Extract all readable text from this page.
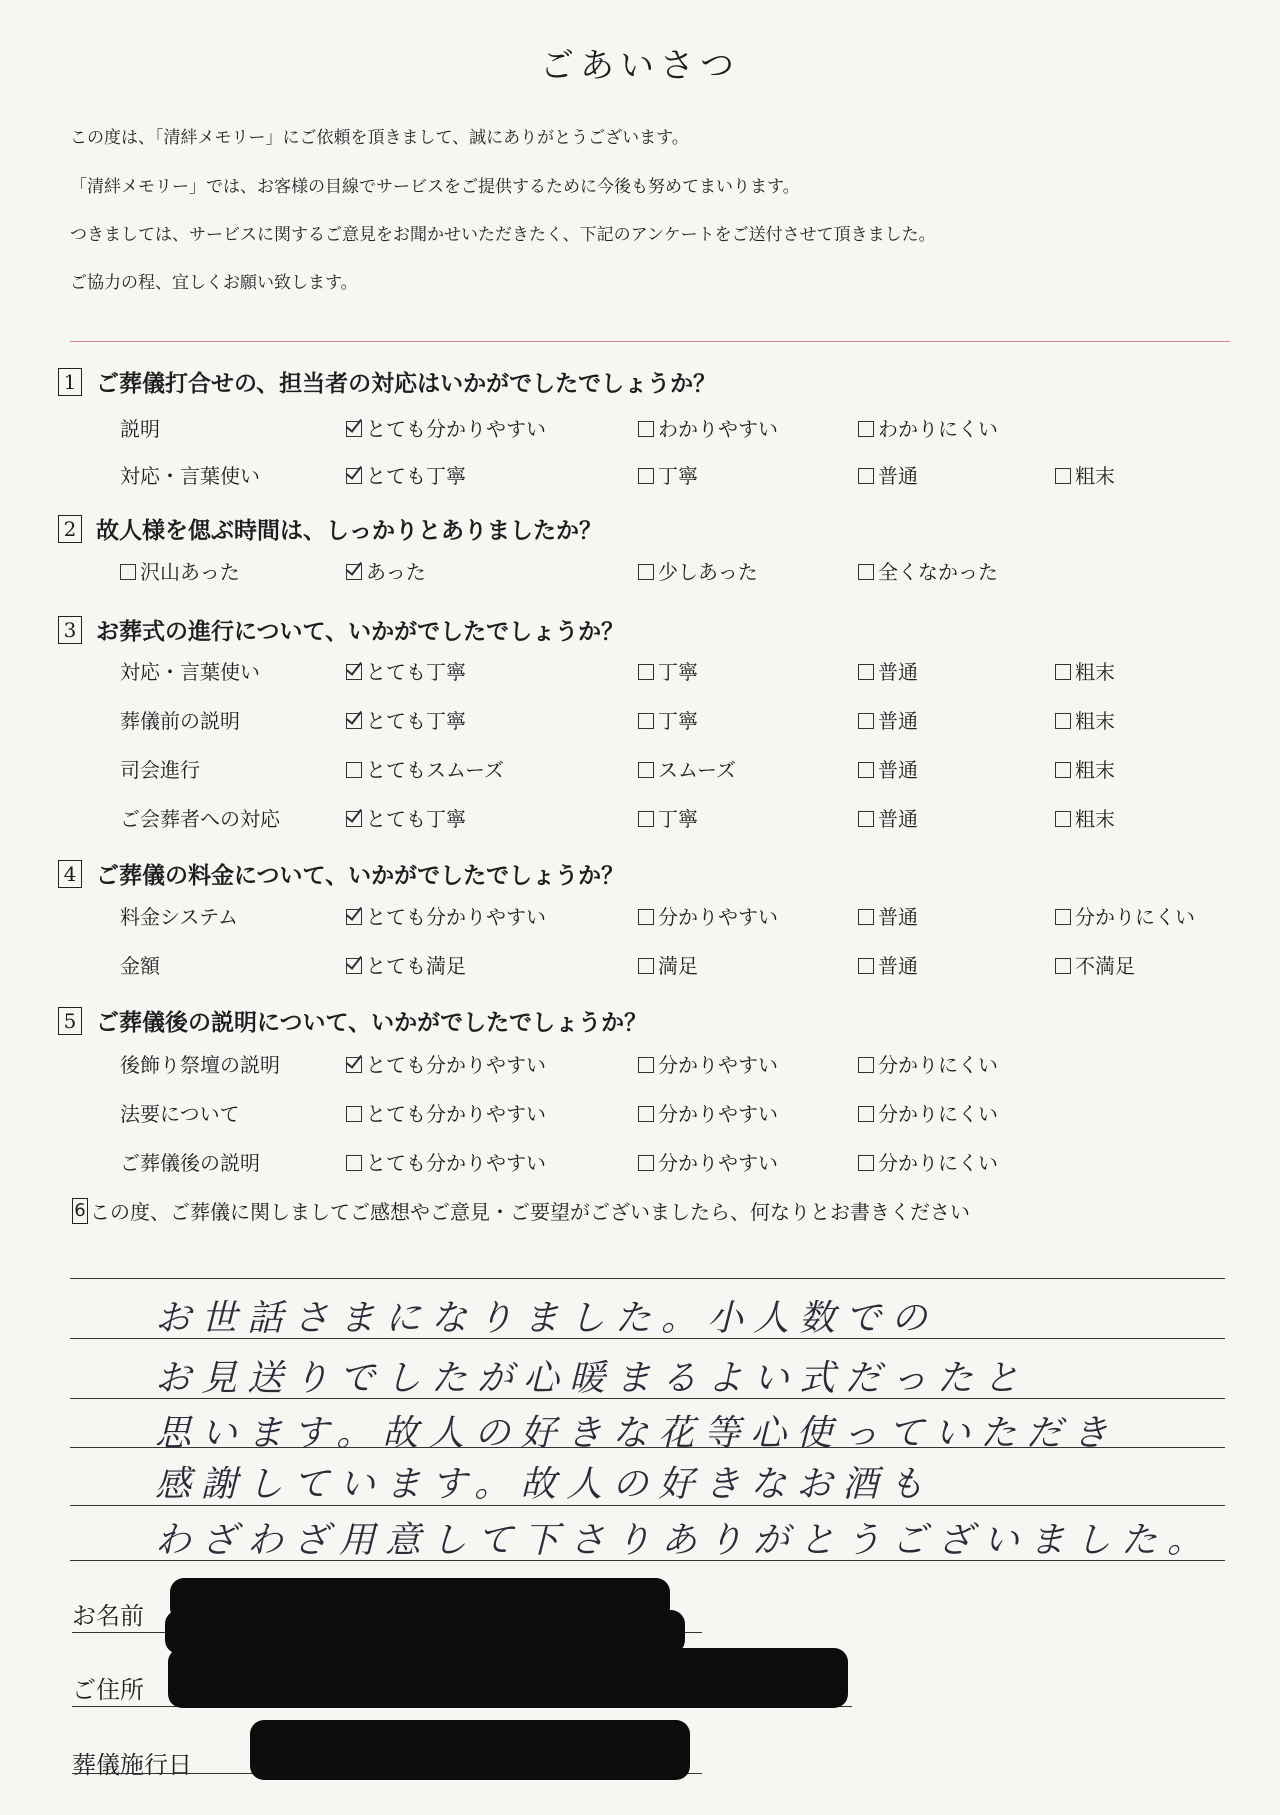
ごあいさつ
この度は、「清絆メモリー」にご依頼を頂きまして、誠にありがとうございます。
「清絆メモリー」では、お客様の目線でサービスをご提供するために今後も努めてまいります。
つきましては、サービスに関するご意見をお聞かせいただきたく、下記のアンケートをご送付させて頂きました。
ご協力の程、宜しくお願い致します。
1 ご葬儀打合せの、担当者の対応はいかがでしたでしょうか？
説明	とても分かりやすい	わかりやすい	わかりにくい
対応・言葉使い	とても丁寧	丁寧	普通	粗末
2 故人様を偲ぶ時間は、しっかりとありましたか？
沢山あった	あった	少しあった	全くなかった
3 お葬式の進行について、いかがでしたでしょうか？
対応・言葉使い	とても丁寧	丁寧	普通	粗末
葬儀前の説明	とても丁寧	丁寧	普通	粗末
司会進行	とてもスムーズ	スムーズ	普通	粗末
ご会葬者への対応	とても丁寧	丁寧	普通	粗末
4 ご葬儀の料金について、いかがでしたでしょうか？
料金システム	とても分かりやすい	分かりやすい	普通	分かりにくい
金額	とても満足	満足	普通	不満足
5 ご葬儀後の説明について、いかがでしたでしょうか？
後飾り祭壇の説明	とても分かりやすい	分かりやすい	分かりにくい
法要について	とても分かりやすい	分かりやすい	分かりにくい
ご葬儀後の説明	とても分かりやすい	分かりやすい	分かりにくい
6 この度、ご葬儀に関しましてご感想やご意見・ご要望がございましたら、何なりとお書きください
お世話さまになりました。小人数での
お見送りでしたが心暖まるよい式だったと
思います。故人の好きな花等心使っていただき
感謝しています。故人の好きなお酒も
わざわざ用意して下さりありがとうございました。
お名前
ご住所
葬儀施行日
